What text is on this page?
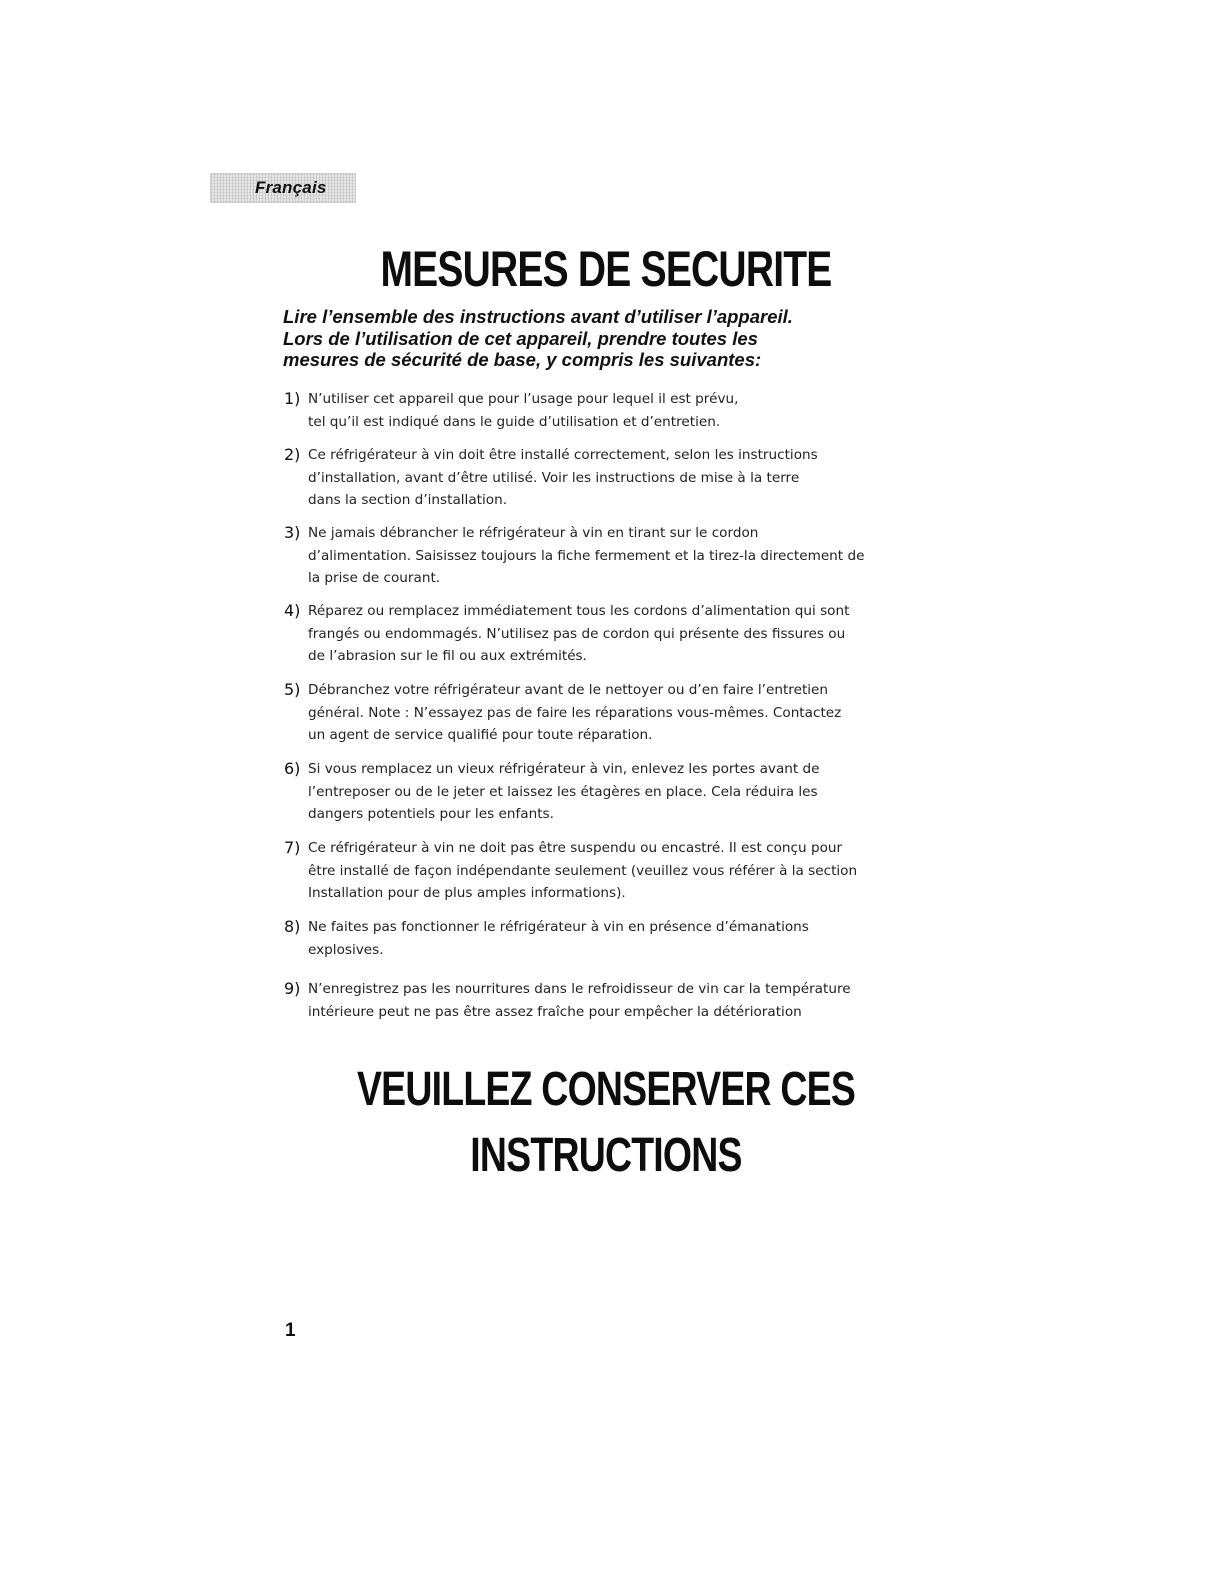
Français
MESURES DE SECURITE
Lire l’ensemble des instructions avant d’utiliser l’appareil.
Lors de l’utilisation de cet appareil, prendre toutes les
mesures de sécurité de base, y compris les suivantes:
1) N’utiliser cet appareil que pour l’usage pour lequel il est prévu,
tel qu’il est indiqué dans le guide d’utilisation et d’entretien.
2) Ce réfrigérateur à vin doit être installé correctement, selon les instructions
d’installation, avant d’être utilisé. Voir les instructions de mise à la terre
dans la section d’installation.
3) Ne jamais débrancher le réfrigérateur à vin en tirant sur le cordon
d’alimentation. Saisissez toujours la fiche fermement et la tirez-la directement de
la prise de courant.
4) Réparez ou remplacez immédiatement tous les cordons d’alimentation qui sont
frangés ou endommagés. N’utilisez pas de cordon qui présente des fissures ou
de l’abrasion sur le fil ou aux extrémités.
5) Débranchez votre réfrigérateur avant de le nettoyer ou d’en faire l’entretien
général. Note : N’essayez pas de faire les réparations vous-mêmes. Contactez
un agent de service qualifié pour toute réparation.
6) Si vous remplacez un vieux réfrigérateur à vin, enlevez les portes avant de
l’entreposer ou de le jeter et laissez les étagères en place. Cela réduira les
dangers potentiels pour les enfants.
7) Ce réfrigérateur à vin ne doit pas être suspendu ou encastré. Il est conçu pour
être installé de façon indépendante seulement (veuillez vous référer à la section
Installation pour de plus amples informations).
8) Ne faites pas fonctionner le réfrigérateur à vin en présence d’émanations
explosives.
9) N’enregistrez pas les nourritures dans le refroidisseur de vin car la température
intérieure peut ne pas être assez fraîche pour empêcher la détérioration
VEUILLEZ CONSERVER CES
INSTRUCTIONS
1
